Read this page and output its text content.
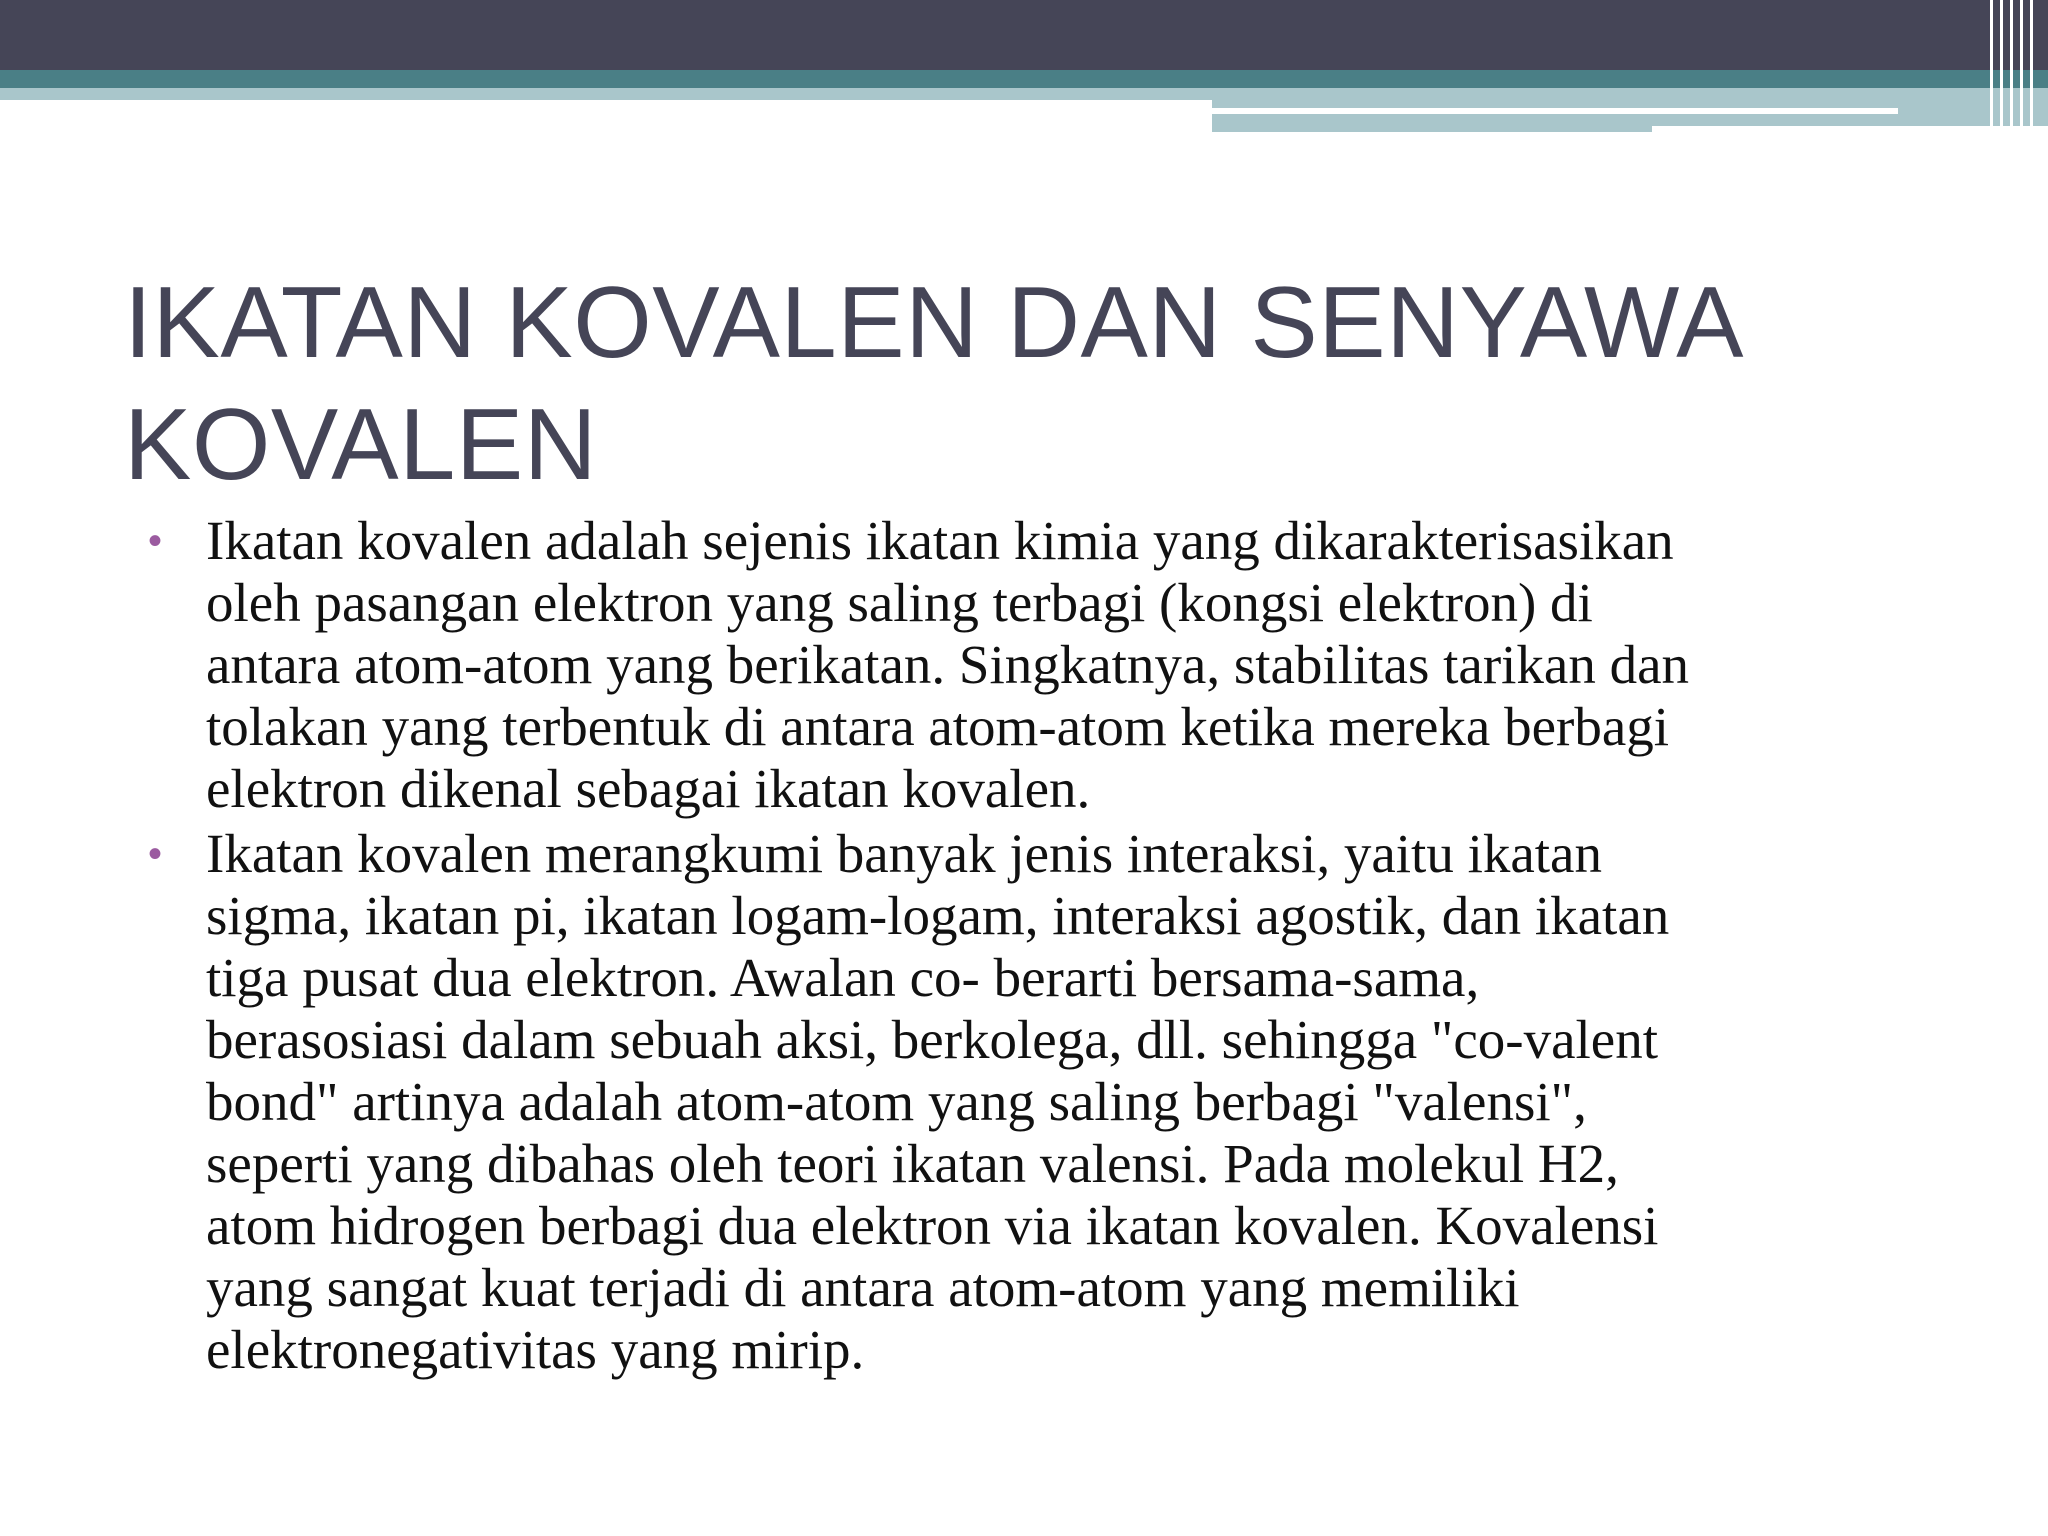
IKATAN KOVALEN DAN SENYAWA
KOVALEN
• Ikatan kovalen adalah sejenis ikatan kimia yang dikarakterisasikan
oleh pasangan elektron yang saling terbagi (kongsi elektron) di
antara atom-atom yang berikatan. Singkatnya, stabilitas tarikan dan
tolakan yang terbentuk di antara atom-atom ketika mereka berbagi
elektron dikenal sebagai ikatan kovalen.
• Ikatan kovalen merangkumi banyak jenis interaksi, yaitu ikatan
sigma, ikatan pi, ikatan logam-logam, interaksi agostik, dan ikatan
tiga pusat dua elektron. Awalan co- berarti bersama-sama,
berasosiasi dalam sebuah aksi, berkolega, dll. sehingga "co-valent
bond" artinya adalah atom-atom yang saling berbagi "valensi",
seperti yang dibahas oleh teori ikatan valensi. Pada molekul H2,
atom hidrogen berbagi dua elektron via ikatan kovalen. Kovalensi
yang sangat kuat terjadi di antara atom-atom yang memiliki
elektronegativitas yang mirip.
